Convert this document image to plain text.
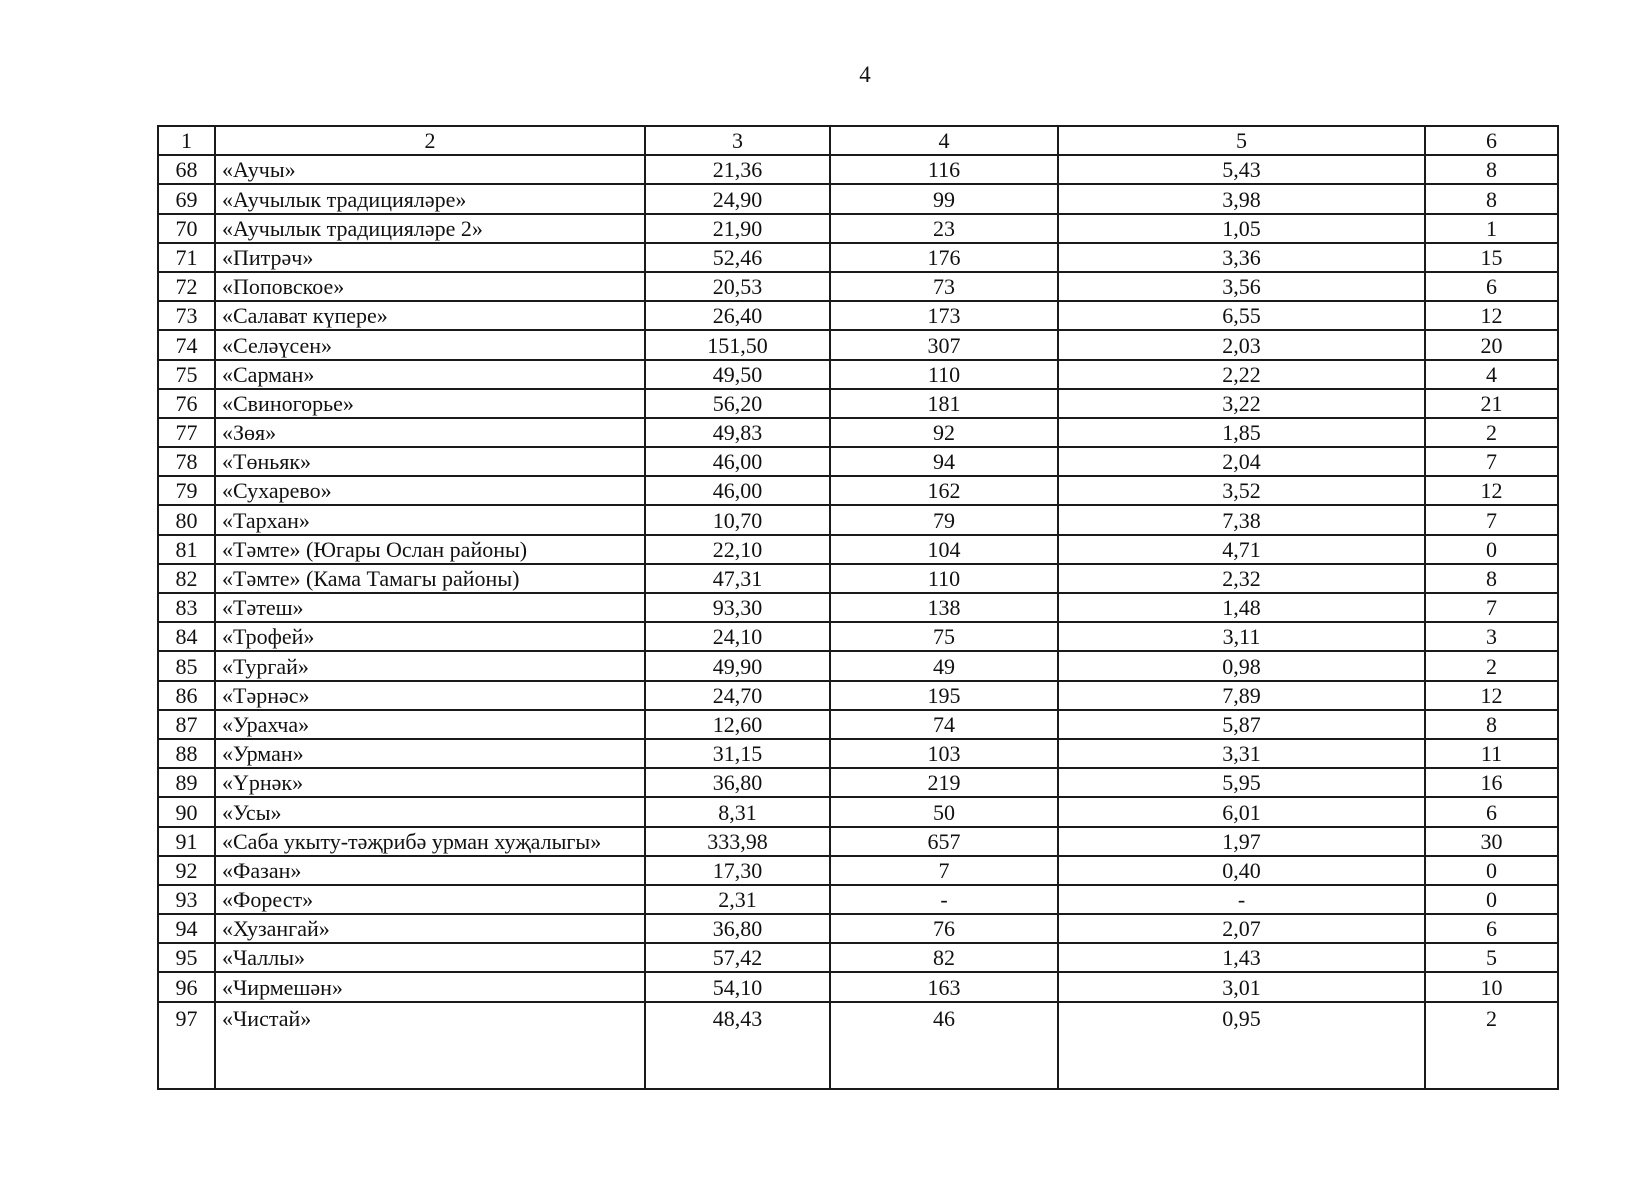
4
1	2	3	4	5	6
68	«Аучы»	21,36	116	5,43	8
69	«Аучылык традицияләре»	24,90	99	3,98	8
70	«Аучылык традицияләре 2»	21,90	23	1,05	1
71	«Питрәч»	52,46	176	3,36	15
72	«Поповское»	20,53	73	3,56	6
73	«Салават күпере»	26,40	173	6,55	12
74	«Селәүсен»	151,50	307	2,03	20
75	«Сарман»	49,50	110	2,22	4
76	«Свиногорье»	56,20	181	3,22	21
77	«Зөя»	49,83	92	1,85	2
78	«Төньяк»	46,00	94	2,04	7
79	«Сухарево»	46,00	162	3,52	12
80	«Тархан»	10,70	79	7,38	7
81	«Тәмте» (Югары Ослан районы)	22,10	104	4,71	0
82	«Тәмте» (Кама Тамагы районы)	47,31	110	2,32	8
83	«Тәтеш»	93,30	138	1,48	7
84	«Трофей»	24,10	75	3,11	3
85	«Тургай»	49,90	49	0,98	2
86	«Тәрнәс»	24,70	195	7,89	12
87	«Урахча»	12,60	74	5,87	8
88	«Урман»	31,15	103	3,31	11
89	«Үрнәк»	36,80	219	5,95	16
90	«Усы»	8,31	50	6,01	6
91	«Саба укыту-тәҗрибә урман хуҗалыгы»	333,98	657	1,97	30
92	«Фазан»	17,30	7	0,40	0
93	«Форест»	2,31	-	-	0
94	«Хузангай»	36,80	76	2,07	6
95	«Чаллы»	57,42	82	1,43	5
96	«Чирмешән»	54,10	163	3,01	10
97	«Чистай»	48,43	46	0,95	2
